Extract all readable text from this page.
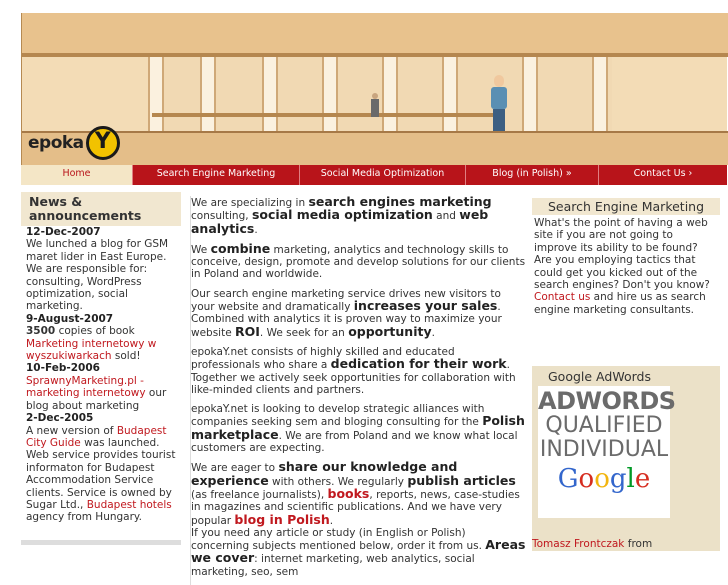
epoka Y
Home	Search Engine Marketing	Social Media Optimization	Blog (in Polish) »	Contact Us ›
News & announcements
12-Dec-2007
We lunched a blog for GSM maret lider in East Europe. We are responsible for: consulting, WordPress optimization, social marketing.
9-August-2007
3500 copies of book Marketing internetowy w wyszukiwarkach sold!
10-Feb-2006
SprawnyMarketing.pl - marketing internetowy our blog about marketing
2-Dec-2005
A new version of Budapest City Guide was launched. Web service provides tourist informaton for Budapest Accommodation Service clients. Service is owned by Sugar Ltd., Budapest hotels agency from Hungary.

We are specializing in search engines marketing consulting, social media optimization and web analytics.

We combine marketing, analytics and technology skills to conceive, design, promote and develop solutions for our clients in Poland and worldwide.

Our search engine marketing service drives new visitors to your website and dramatically increases your sales. Combined with analytics it is proven way to maximize your website ROI. We seek for an opportunity.

epokaY.net consists of highly skilled and educated professionals who share a dedication for their work. Together we actively seek opportunities for collaboration with like-minded clients and partners.

epokaY.net is looking to develop strategic alliances with companies seeking sem and bloging consulting for the Polish marketplace. We are from Poland and we know what local customers are expecting.

We are eager to share our knowledge and experience with others. We regularly publish articles (as freelance journalists), books, reports, news, case-studies in magazines and scientific publications. And we have very popular blog in Polish.

If you need any article or study (in English or Polish) concerning subjects mentioned below, order it from us. Areas we cover: internet marketing, web analytics, social marketing, seo, sem

Search Engine Marketing
What's the point of having a web site if you are not going to improve its ability to be found? Are you employing tactics that could get you kicked out of the search engines? Don't you know? Contact us and hire us as search engine marketing consultants.
Google AdWords
ADWORDS
QUALIFIED
INDIVIDUAL
Google
Tomasz Frontczak from
